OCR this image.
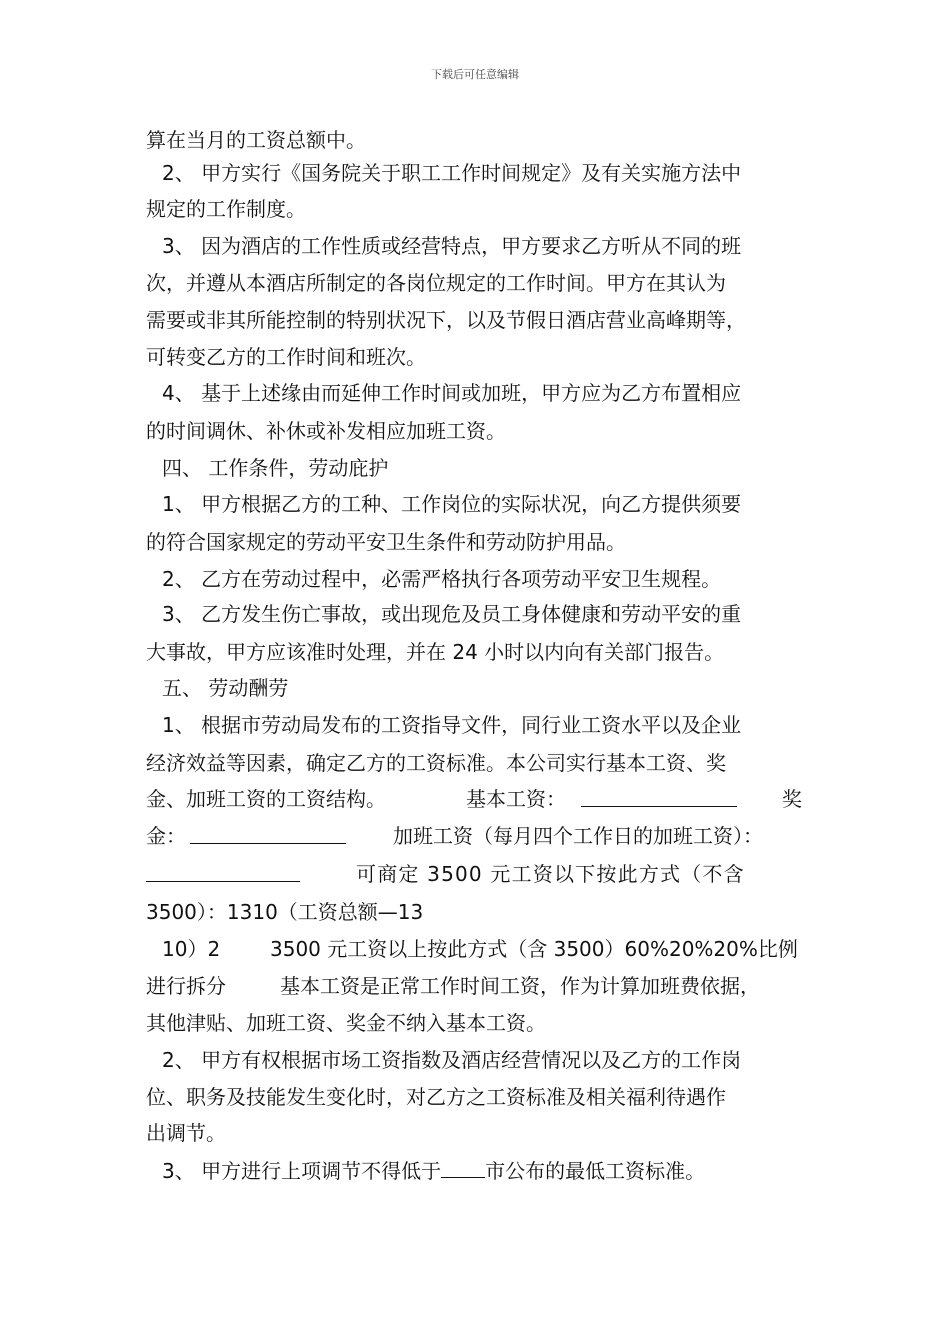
下载后可任意编辑
算在当月的工资总额中。
2、 甲方实行《国务院关于职工工作时间规定》及有关实施方法中
规定的工作制度。
3、 因为酒店的工作性质或经营特点，甲方要求乙方听从不同的班
次，并遵从本酒店所制定的各岗位规定的工作时间。甲方在其认为
需要或非其所能控制的特别状况下，以及节假日酒店营业高峰期等，
可转变乙方的工作时间和班次。
4、 基于上述缘由而延伸工作时间或加班，甲方应为乙方布置相应
的时间调休、补休或补发相应加班工资。
四、 工作条件，劳动庇护
1、 甲方根据乙方的工种、工作岗位的实际状况，向乙方提供须要
的符合国家规定的劳动平安卫生条件和劳动防护用品。
2、 乙方在劳动过程中，必需严格执行各项劳动平安卫生规程。
3、 乙方发生伤亡事故，或出现危及员工身体健康和劳动平安的重
大事故，甲方应该准时处理，并在 24 小时以内向有关部门报告。
五、 劳动酬劳
1、 根据市劳动局发布的工资指导文件，同行业工资水平以及企业
经济效益等因素，确定乙方的工资标准。本公司实行基本工资、奖
金、加班工资的工资结构。	基本工资：	奖
金：	加班工资（每月四个工作日的加班工资）：
可商定 3500 元工资以下按此方式（不含
3500）：1310（工资总额—13
10）2 3500 元工资以上按此方式（含 3500）60%20%20%比例
进行拆分	基本工资是正常工作时间工资，作为计算加班费依据，
其他津贴、加班工资、奖金不纳入基本工资。
2、 甲方有权根据市场工资指数及酒店经营情况以及乙方的工作岗
位、职务及技能发生变化时，对乙方之工资标准及相关福利待遇作
出调节。
3、 甲方进行上项调节不得低于 市公布的最低工资标准。
